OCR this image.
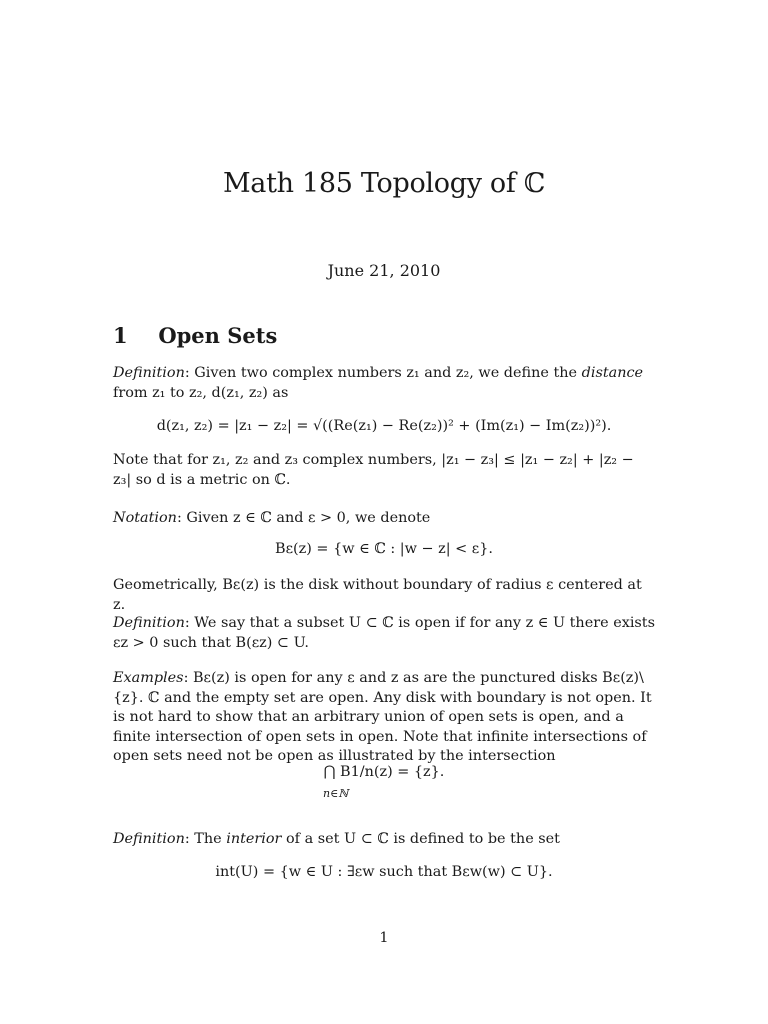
Math 185 Topology of ℂ
June 21, 2010
1 Open Sets
Definition: Given two complex numbers z₁ and z₂, we define the distance from z₁ to z₂, d(z₁, z₂) as
d(z₁, z₂) = |z₁ − z₂| = √((Re(z₁) − Re(z₂))² + (Im(z₁) − Im(z₂))²).
Note that for z₁, z₂ and z₃ complex numbers, |z₁ − z₃| ≤ |z₁ − z₂| + |z₂ − z₃| so d is a metric on ℂ.
Notation: Given z ∈ ℂ and ε > 0, we denote
Bε(z) = {w ∈ ℂ : |w − z| < ε}.
Geometrically, Bε(z) is the disk without boundary of radius ε centered at z.
Definition: We say that a subset U ⊂ ℂ is open if for any z ∈ U there exists εz > 0 such that B(εz) ⊂ U.
Examples: Bε(z) is open for any ε and z as are the punctured disks Bε(z)\{z}. ℂ and the empty set are open. Any disk with boundary is not open. It is not hard to show that an arbitrary union of open sets is open, and a finite intersection of open sets in open. Note that infinite intersections of open sets need not be open as illustrated by the intersection
⋂ B1/n(z) = {z}.
n∈ℕ
Definition: The interior of a set U ⊂ ℂ is defined to be the set
int(U) = {w ∈ U : ∃εw such that Bεw(w) ⊂ U}.
1
